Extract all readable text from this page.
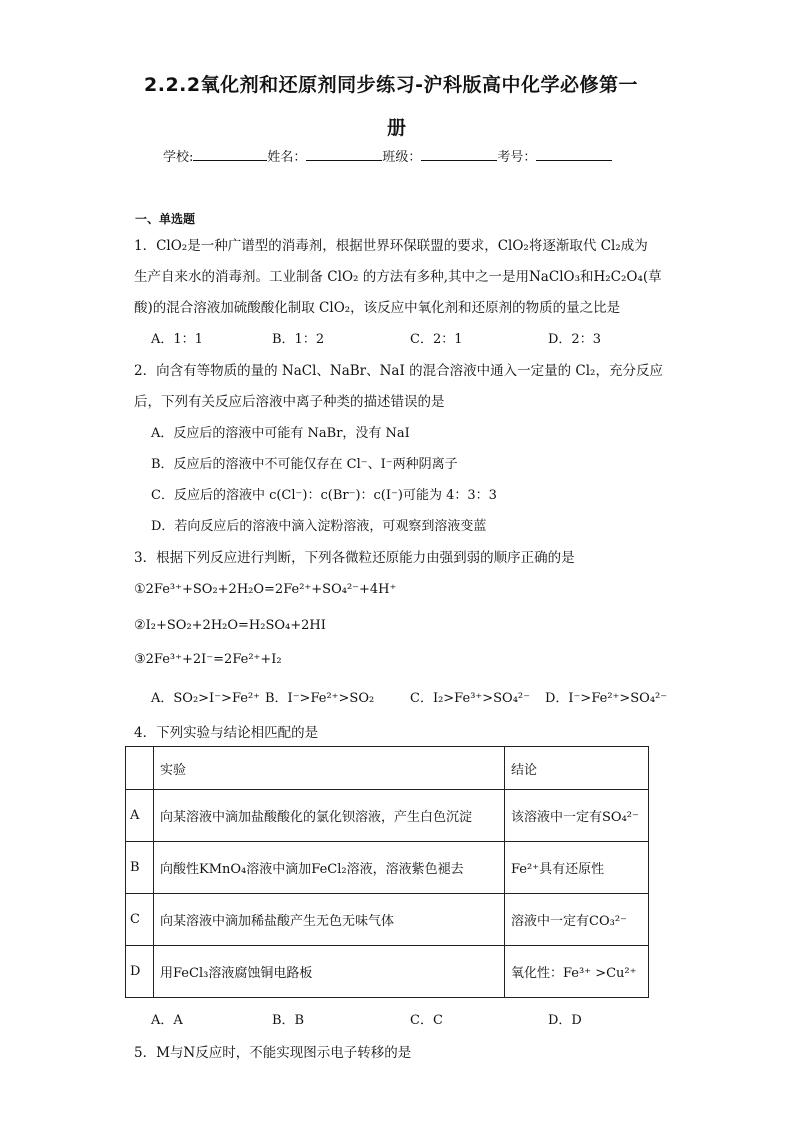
2.2.2氧化剂和还原剂同步练习-沪科版高中化学必修第一
册
学校:	姓名：	班级：	考号：
一、单选题
1．ClO₂是一种广谱型的消毒剂，根据世界环保联盟的要求，ClO₂将逐渐取代 Cl₂成为
生产自来水的消毒剂。工业制备 ClO₂ 的方法有多种,其中之一是用NaClO₃和H₂C₂O₄(草
酸)的混合溶液加硫酸酸化制取 ClO₂，该反应中氧化剂和还原剂的物质的量之比是
A．1：1	B．1：2	C．2：1	D．2：3
2．向含有等物质的量的 NaCl、NaBr、NaI 的混合溶液中通入一定量的 Cl₂，充分反应
后，下列有关反应后溶液中离子种类的描述错误的是
A．反应后的溶液中可能有 NaBr，没有 NaI
B．反应后的溶液中不可能仅存在 Cl⁻、I⁻两种阴离子
C．反应后的溶液中 c(Cl⁻)：c(Br⁻)：c(I⁻)可能为 4：3：3
D．若向反应后的溶液中滴入淀粉溶液，可观察到溶液变蓝
3．根据下列反应进行判断，下列各微粒还原能力由强到弱的顺序正确的是
①2Fe³⁺+SO₂+2H₂O=2Fe²⁺+SO₄²⁻+4H⁺
②I₂+SO₂+2H₂O=H₂SO₄+2HI
③2Fe³⁺+2I⁻=2Fe²⁺+I₂
A．SO₂>I⁻>Fe²⁺ B．I⁻>Fe²⁺>SO₂	C．I₂>Fe³⁺>SO₄²⁻ D．I⁻>Fe²⁺>SO₄²⁻
4．下列实验与结论相匹配的是
	实验	结论
A	向某溶液中滴加盐酸酸化的氯化钡溶液，产生白色沉淀	该溶液中一定有SO₄²⁻
B	向酸性KMnO₄溶液中滴加FeCl₂溶液，溶液紫色褪去	Fe²⁺具有还原性
C	向某溶液中滴加稀盐酸产生无色无味气体	溶液中一定有CO₃²⁻
D	用FeCl₃溶液腐蚀铜电路板	氧化性：Fe³⁺ >Cu²⁺
A．A	B．B	C．C	D．D
5．M与N反应时，不能实现图示电子转移的是
